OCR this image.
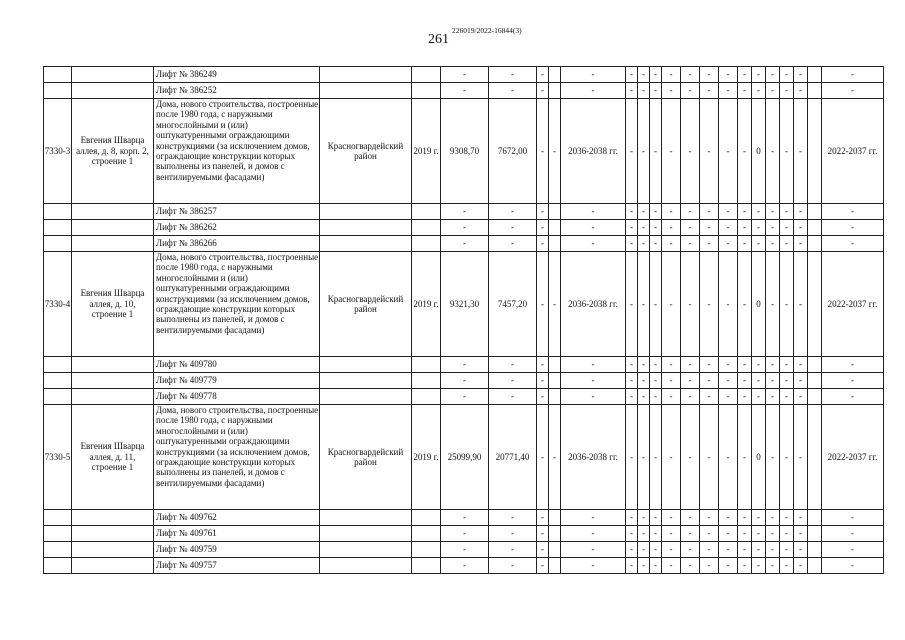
261
226019/2022-16844(3)
		Лифт № 386249			-	-	-		-	-	-	-	-	-	-	-	-	-	-	-	-		-
		Лифт № 386252			-	-	-		-	-	-	-	-	-	-	-	-	-	-	-	-		-
7330-3	Евгения Шварца аллея, д. 8, корп. 2, строение 1	Дома, нового строительства, построенные после 1980 года, с наружными многослойными и (или) оштукатуренными ограждающими конструкциями (за исключением домов, ограждающие конструкции которых выполнены из панелей, и домов с вентилируемыми фасадами)	Красногвардейский район	2019 г.	9308,70	7672,00	-	-	2036-2038 гг.	-	-	-	-	-	-	-	-	0	-	-	-		2022-2037 гг.
		Лифт № 386257			-	-	-		-	-	-	-	-	-	-	-	-	-	-	-	-		-
		Лифт № 386262			-	-	-		-	-	-	-	-	-	-	-	-	-	-	-	-		-
		Лифт № 386266			-	-	-		-	-	-	-	-	-	-	-	-	-	-	-	-		-
7330-4	Евгения Шварца аллея, д. 10, строение 1	Дома, нового строительства, построенные после 1980 года, с наружными многослойными и (или) оштукатуренными ограждающими конструкциями (за исключением домов, ограждающие конструкции которых выполнены из панелей, и домов с вентилируемыми фасадами)	Красногвардейский район	2019 г.	9321,30	7457,20	-	-	2036-2038 гг.	-	-	-	-	-	-	-	-	0	-	-	-		2022-2037 гг.
		Лифт № 409780			-	-	-		-	-	-	-	-	-	-	-	-	-	-	-	-		-
		Лифт № 409779			-	-	-		-	-	-	-	-	-	-	-	-	-	-	-	-		-
		Лифт № 409778			-	-	-		-	-	-	-	-	-	-	-	-	-	-	-	-		-
7330-5	Евгения Шварца аллея, д. 11, строение 1	Дома, нового строительства, построенные после 1980 года, с наружными многослойными и (или) оштукатуренными ограждающими конструкциями (за исключением домов, ограждающие конструкции которых выполнены из панелей, и домов с вентилируемыми фасадами)	Красногвардейский район	2019 г.	25099,90	20771,40	-	-	2036-2038 гг.	-	-	-	-	-	-	-	-	0	-	-	-		2022-2037 гг.
		Лифт № 409762			-	-	-		-	-	-	-	-	-	-	-	-	-	-	-	-		-
		Лифт № 409761			-	-	-		-	-	-	-	-	-	-	-	-	-	-	-	-		-
		Лифт № 409759			-	-	-		-	-	-	-	-	-	-	-	-	-	-	-	-		-
		Лифт № 409757			-	-	-		-	-	-	-	-	-	-	-	-	-	-	-	-		-
